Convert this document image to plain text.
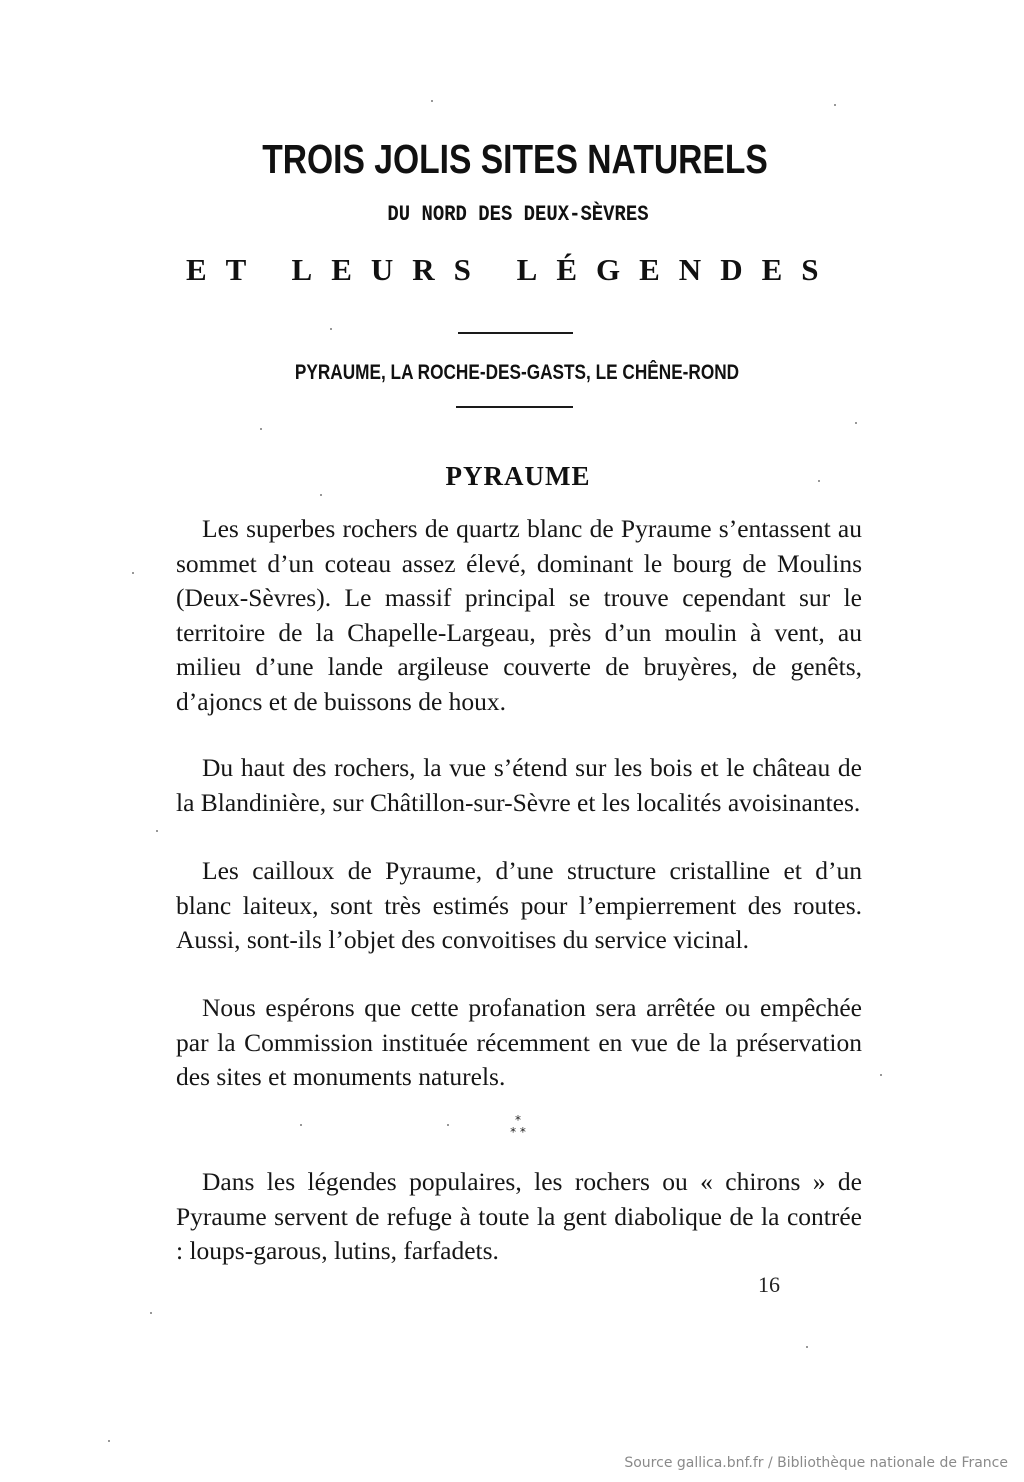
TROIS JOLIS SITES NATURELS
DU NORD DES DEUX-SÈVRES
ET LEURS LÉGENDES
PYRAUME, LA ROCHE-DES-GASTS, LE CHÊNE-ROND
PYRAUME

Les superbes rochers de quartz blanc de Pyraume s’entassent au sommet d’un coteau assez élevé, dominant le bourg de Moulins (Deux-Sèvres). Le massif principal se trouve cependant sur le territoire de la Chapelle-Largeau, près d’un moulin à vent, au milieu d’une lande argileuse couverte de bruyères, de genêts, d’ajoncs et de buissons de houx.

Du haut des rochers, la vue s’étend sur les bois et le château de la Blandinière, sur Châtillon-sur-Sèvre et les localités avoisinantes.

Les cailloux de Pyraume, d’une structure cristalline et d’un blanc laiteux, sont très estimés pour l’empierrement des routes. Aussi, sont-ils l’objet des convoitises du service vicinal.

Nous espérons que cette profanation sera arrêtée ou empêchée par la Commission instituée récemment en vue de la préservation des sites et monuments naturels.

*
* *

Dans les légendes populaires, les rochers ou « chirons » de Pyraume servent de refuge à toute la gent diabolique de la contrée : loups-garous, lutins, farfadets.

16
Source gallica.bnf.fr / Bibliothèque nationale de France
